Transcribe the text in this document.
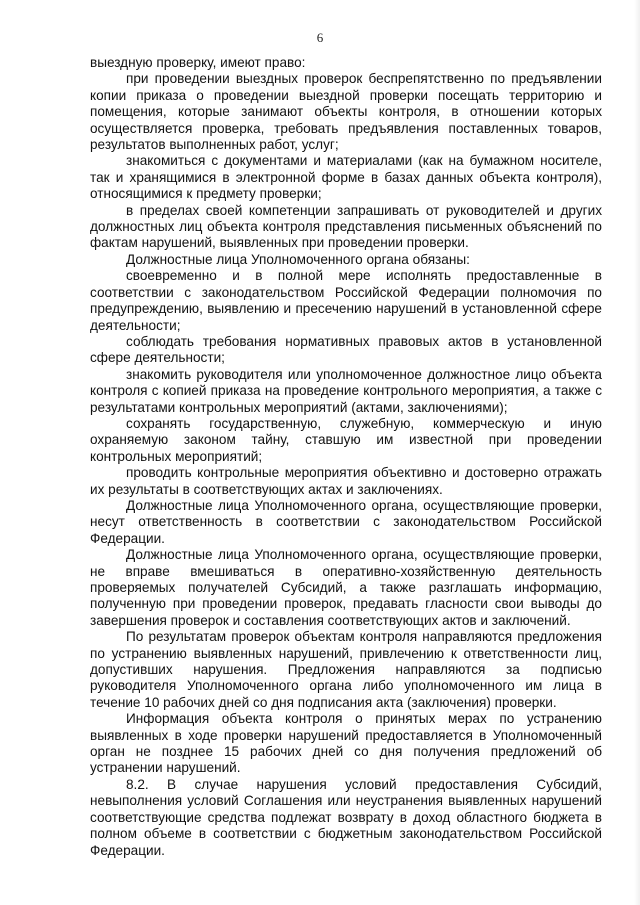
6

выездную проверку, имеют право:

при проведении выездных проверок беспрепятственно по предъявлении копии приказа о проведении выездной проверки посещать территорию и помещения, которые занимают объекты контроля, в отношении которых осуществляется проверка, требовать предъявления поставленных товаров, результатов выполненных работ, услуг;

знакомиться с документами и материалами (как на бумажном носителе, так и хранящимися в электронной форме в базах данных объекта контроля), относящимися к предмету проверки;

в пределах своей компетенции запрашивать от руководителей и других должностных лиц объекта контроля представления письменных объяснений по фактам нарушений, выявленных при проведении проверки.

Должностные лица Уполномоченного органа обязаны:

своевременно и в полной мере исполнять предоставленные в соответствии с законодательством Российской Федерации полномочия по предупреждению, выявлению и пресечению нарушений в установленной сфере деятельности;

соблюдать требования нормативных правовых актов в установленной сфере деятельности;

знакомить руководителя или уполномоченное должностное лицо объекта контроля с копией приказа на проведение контрольного мероприятия, а также с результатами контрольных мероприятий (актами, заключениями);

сохранять государственную, служебную, коммерческую и иную охраняемую законом тайну, ставшую им известной при проведении контрольных мероприятий;

проводить контрольные мероприятия объективно и достоверно отражать их результаты в соответствующих актах и заключениях.

Должностные лица Уполномоченного органа, осуществляющие проверки, несут ответственность в соответствии с законодательством Российской Федерации.

Должностные лица Уполномоченного органа, осуществляющие проверки, не вправе вмешиваться в оперативно-хозяйственную деятельность проверяемых получателей Субсидий, а также разглашать информацию, полученную при проведении проверок, предавать гласности свои выводы до завершения проверок и составления соответствующих актов и заключений.

По результатам проверок объектам контроля направляются предложения по устранению выявленных нарушений, привлечению к ответственности лиц, допустивших нарушения. Предложения направляются за подписью руководителя Уполномоченного органа либо уполномоченного им лица в течение 10 рабочих дней со дня подписания акта (заключения) проверки.

Информация объекта контроля о принятых мерах по устранению выявленных в ходе проверки нарушений предоставляется в Уполномоченный орган не позднее 15 рабочих дней со дня получения предложений об устранении нарушений.

8.2. В случае нарушения условий предоставления Субсидий, невыполнения условий Соглашения или неустранения выявленных нарушений соответствующие средства подлежат возврату в доход областного бюджета в полном объеме в соответствии с бюджетным законодательством Российской Федерации.
